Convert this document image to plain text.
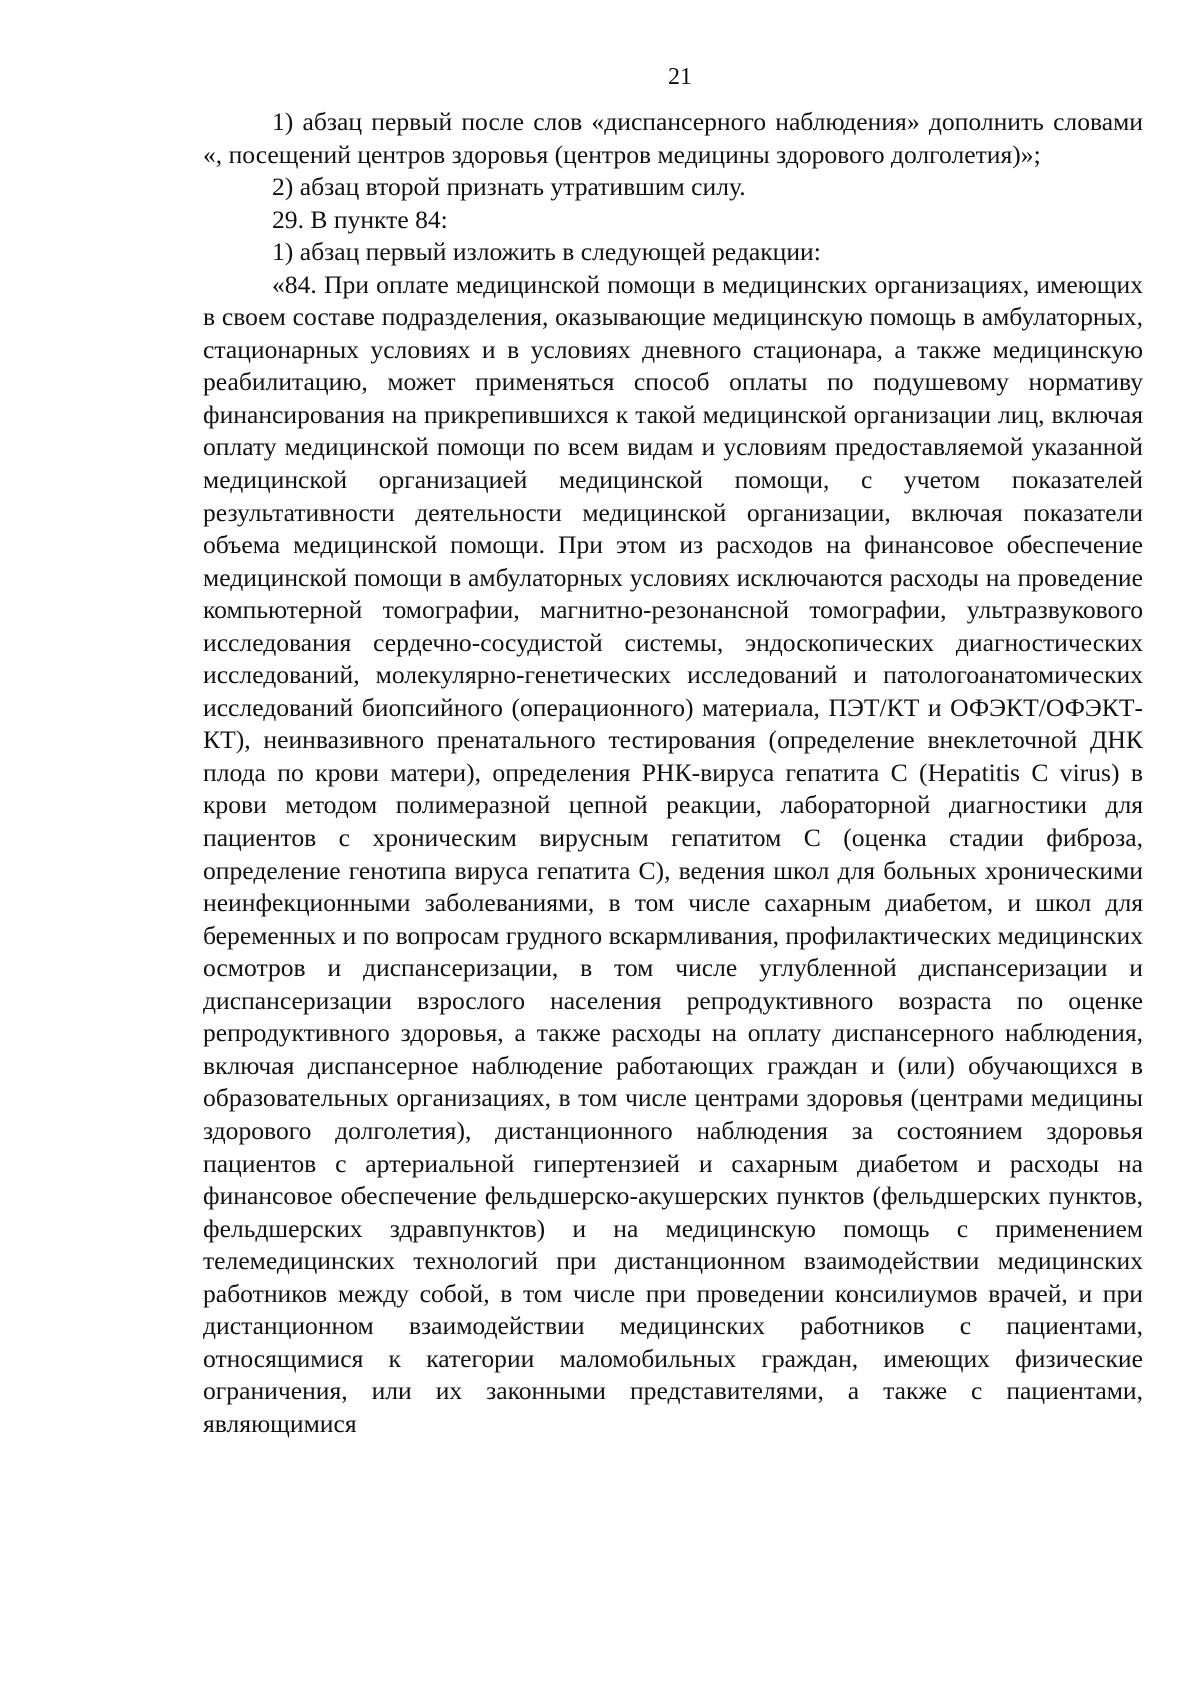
21

1) абзац первый после слов «диспансерного наблюдения» дополнить словами «, посещений центров здоровья (центров медицины здорового долголетия)»;

2) абзац второй признать утратившим силу.

29. В пункте 84:

1) абзац первый изложить в следующей редакции:

«84. При оплате медицинской помощи в медицинских организациях, имеющих в своем составе подразделения, оказывающие медицинскую помощь в амбулаторных, стационарных условиях и в условиях дневного стационара, а также медицинскую реабилитацию, может применяться способ оплаты по подушевому нормативу финансирования на прикрепившихся к такой медицинской организации лиц, включая оплату медицинской помощи по всем видам и условиям предоставляемой указанной медицинской организацией медицинской помощи, с учетом показателей результативности деятельности медицинской организации, включая показатели объема медицинской помощи. При этом из расходов на финансовое обеспечение медицинской помощи в амбулаторных условиях исключаются расходы на проведение компьютерной томографии, магнитно-резонансной томографии, ультразвукового исследования сердечно-сосудистой системы, эндоскопических диагностических исследований, молекулярно-генетических исследований и патологоанатомических исследований биопсийного (операционного) материала, ПЭТ/КТ и ОФЭКТ/ОФЭКТ-КТ), неинвазивного пренатального тестирования (определение внеклеточной ДНК плода по крови матери), определения РНК-вируса гепатита С (Hepatitis C virus) в крови методом полимеразной цепной реакции, лабораторной диагностики для пациентов с хроническим вирусным гепатитом С (оценка стадии фиброза, определение генотипа вируса гепатита С), ведения школ для больных хроническими неинфекционными заболеваниями, в том числе сахарным диабетом, и школ для беременных и по вопросам грудного вскармливания, профилактических медицинских осмотров и диспансеризации, в том числе углубленной диспансеризации и диспансеризации взрослого населения репродуктивного возраста по оценке репродуктивного здоровья, а также расходы на оплату диспансерного наблюдения, включая диспансерное наблюдение работающих граждан и (или) обучающихся в образовательных организациях, в том числе центрами здоровья (центрами медицины здорового долголетия), дистанционного наблюдения за состоянием здоровья пациентов с артериальной гипертензией и сахарным диабетом и расходы на финансовое обеспечение фельдшерско-акушерских пунктов (фельдшерских пунктов, фельдшерских здравпунктов) и на медицинскую помощь с применением телемедицинских технологий при дистанционном взаимодействии медицинских работников между собой, в том числе при проведении консилиумов врачей, и при дистанционном взаимодействии медицинских работников с пациентами, относящимися к категории маломобильных граждан, имеющих физические ограничения, или их законными представителями, а также с пациентами, являющимися
